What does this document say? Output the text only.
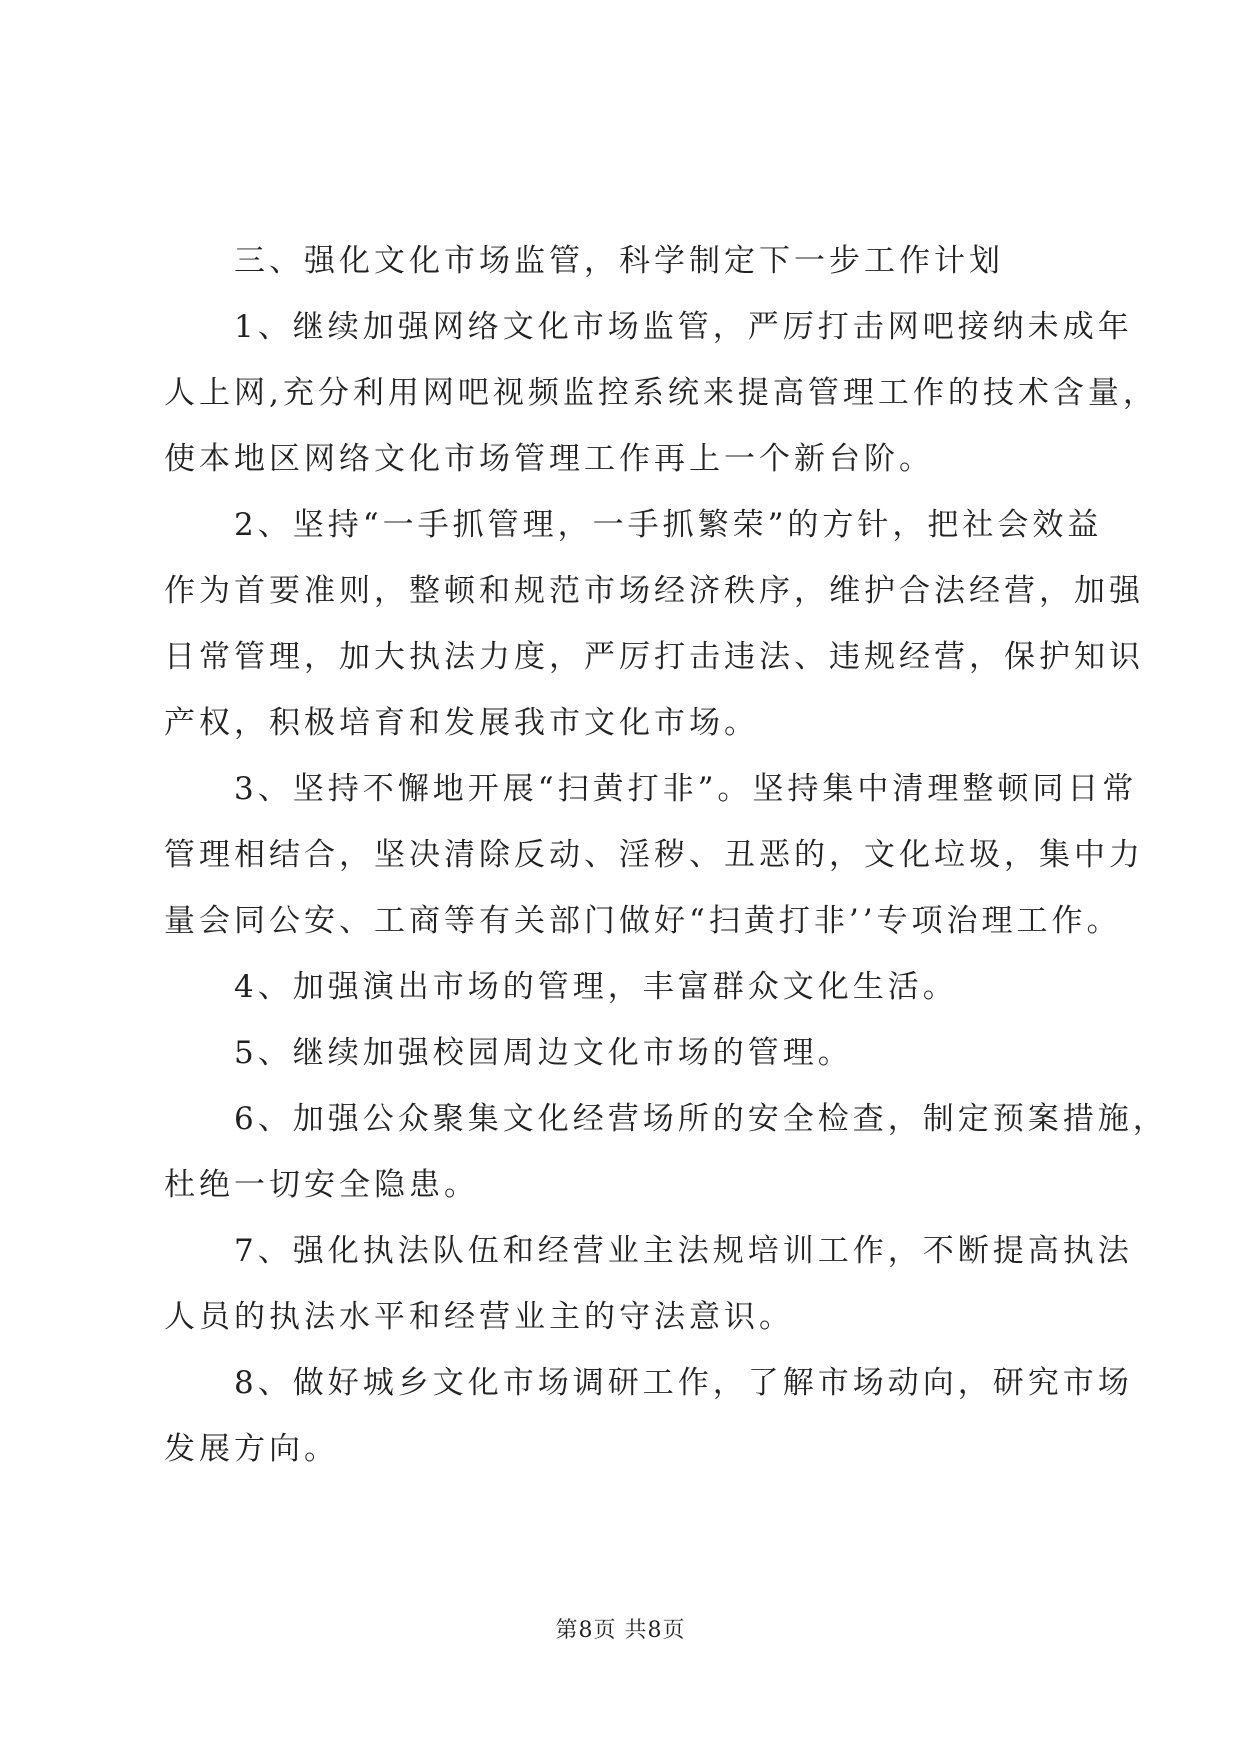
三、强化文化市场监管，科学制定下一步工作计划
1、继续加强网络文化市场监管，严厉打击网吧接纳未成年
人上网,充分利用网吧视频监控系统来提高管理工作的技术含量，
使本地区网络文化市场管理工作再上一个新台阶。
2、坚持“一手抓管理，一手抓繁荣”的方针，把社会效益
作为首要准则，整顿和规范市场经济秩序，维护合法经营，加强
日常管理，加大执法力度，严厉打击违法、违规经营，保护知识
产权，积极培育和发展我市文化市场。
3、坚持不懈地开展“扫黄打非”。坚持集中清理整顿同日常
管理相结合，坚决清除反动、淫秽、丑恶的，文化垃圾，集中力
量会同公安、工商等有关部门做好“扫黄打非’’专项治理工作。
4、加强演出市场的管理，丰富群众文化生活。
5、继续加强校园周边文化市场的管理。
6、加强公众聚集文化经营场所的安全检查，制定预案措施，
杜绝一切安全隐患。
7、强化执法队伍和经营业主法规培训工作，不断提高执法
人员的执法水平和经营业主的守法意识。
8、做好城乡文化市场调研工作，了解市场动向，研究市场
发展方向。
第8页 共8页
